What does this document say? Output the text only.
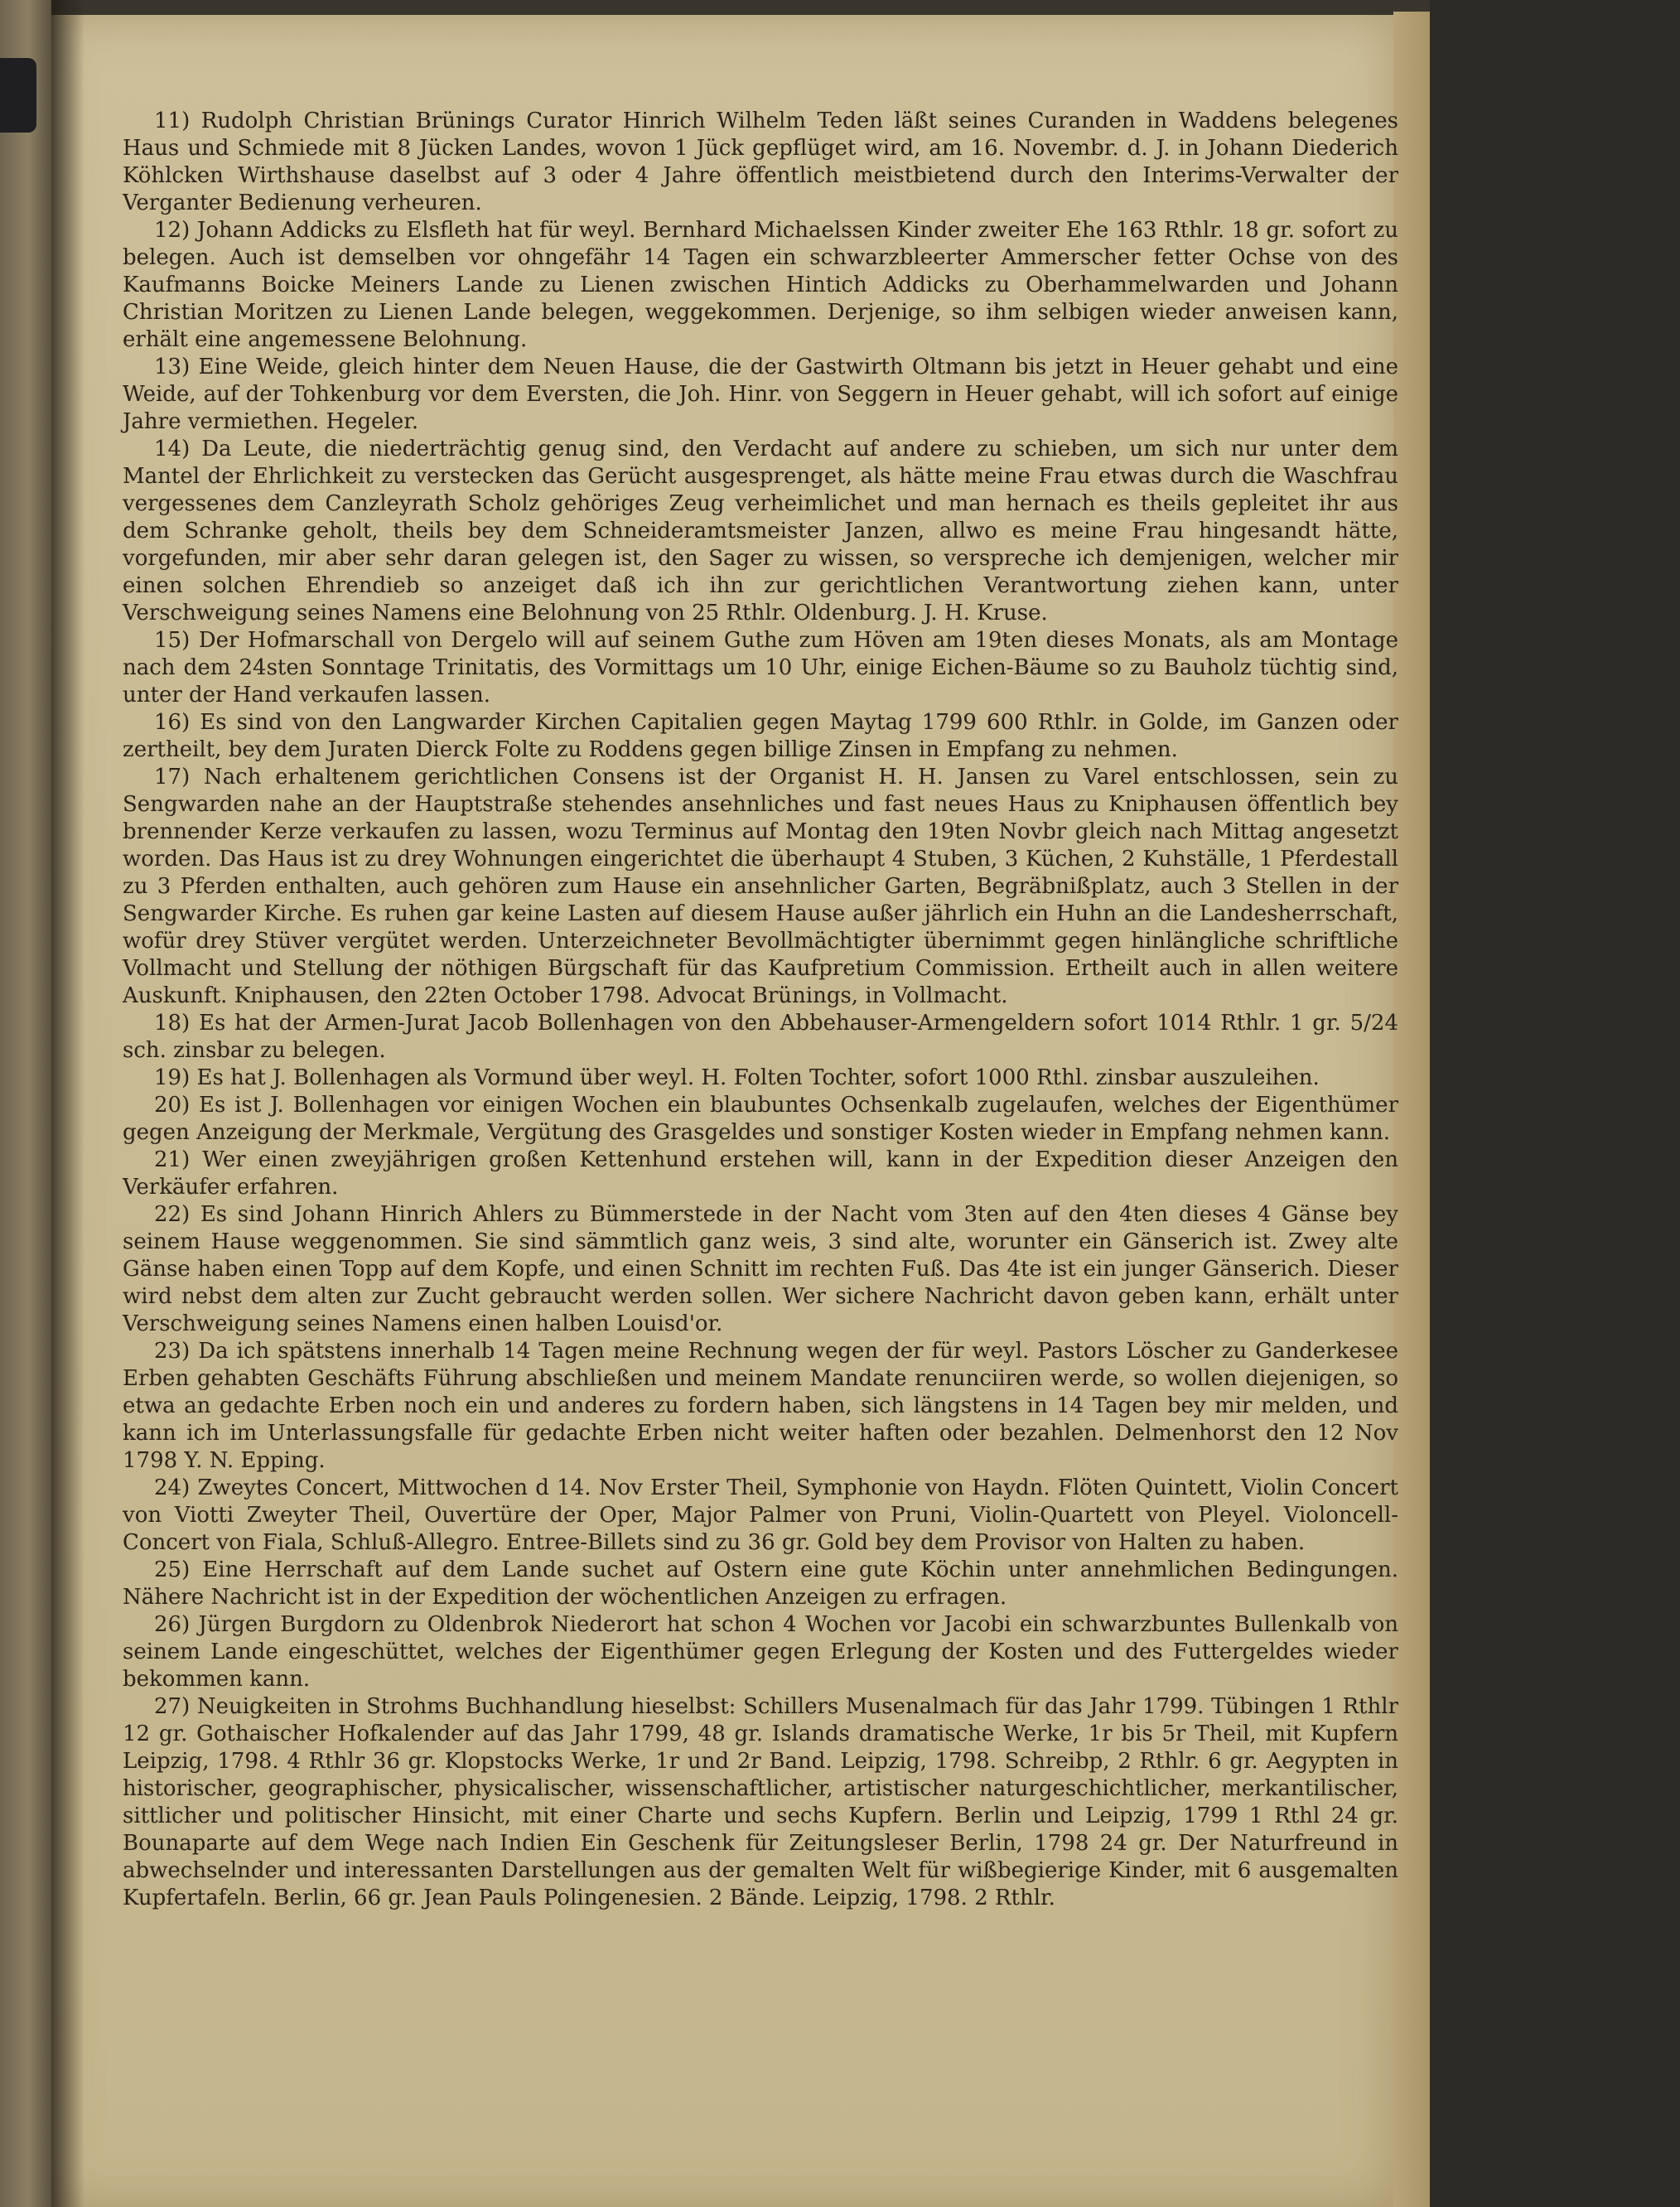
11) Rudolph Christian Brünings Curator Hinrich Wilhelm Teden läßt seines Curanden in Waddens belegenes Haus und Schmiede mit 8 Jücken Landes, wovon 1 Jück gepflüget wird, am 16. Novembr. d. J. in Johann Diederich Köhlcken Wirthshause daselbst auf 3 oder 4 Jahre öffentlich meistbietend durch den Interims-Verwalter der Verganter Bedienung verheuren.

12) Johann Addicks zu Elsfleth hat für weyl. Bernhard Michaelssen Kinder zweiter Ehe 163 Rthlr. 18 gr. sofort zu belegen. Auch ist demselben vor ohngefähr 14 Tagen ein schwarzbleerter Ammerscher fetter Ochse von des Kaufmanns Boicke Meiners Lande zu Lienen zwischen Hintich Addicks zu Oberhammelwarden und Johann Christian Moritzen zu Lienen Lande belegen, weggekommen. Derjenige, so ihm selbigen wieder anweisen kann, erhält eine angemessene Belohnung.

13) Eine Weide, gleich hinter dem Neuen Hause, die der Gastwirth Oltmann bis jetzt in Heuer gehabt und eine Weide, auf der Tohkenburg vor dem Eversten, die Joh. Hinr. von Seggern in Heuer gehabt, will ich sofort auf einige Jahre vermiethen. Hegeler.

14) Da Leute, die niederträchtig genug sind, den Verdacht auf andere zu schieben, um sich nur unter dem Mantel der Ehrlichkeit zu verstecken das Gerücht ausgesprenget, als hätte meine Frau etwas durch die Waschfrau vergessenes dem Canzleyrath Scholz gehöriges Zeug verheimlichet und man hernach es theils gepleitet ihr aus dem Schranke geholt, theils bey dem Schneideramtsmeister Janzen, allwo es meine Frau hingesandt hätte, vorgefunden, mir aber sehr daran gelegen ist, den Sager zu wissen, so verspreche ich demjenigen, welcher mir einen solchen Ehrendieb so anzeiget daß ich ihn zur gerichtlichen Verantwortung ziehen kann, unter Verschweigung seines Namens eine Belohnung von 25 Rthlr. Oldenburg. J. H. Kruse.

15) Der Hofmarschall von Dergelo will auf seinem Guthe zum Höven am 19ten dieses Monats, als am Montage nach dem 24sten Sonntage Trinitatis, des Vormittags um 10 Uhr, einige Eichen-Bäume so zu Bauholz tüchtig sind, unter der Hand verkaufen lassen.

16) Es sind von den Langwarder Kirchen Capitalien gegen Maytag 1799 600 Rthlr. in Golde, im Ganzen oder zertheilt, bey dem Juraten Dierck Folte zu Roddens gegen billige Zinsen in Empfang zu nehmen.

17) Nach erhaltenem gerichtlichen Consens ist der Organist H. H. Jansen zu Varel entschlossen, sein zu Sengwarden nahe an der Hauptstraße stehendes ansehnliches und fast neues Haus zu Kniphausen öffentlich bey brennender Kerze verkaufen zu lassen, wozu Terminus auf Montag den 19ten Novbr gleich nach Mittag angesetzt worden. Das Haus ist zu drey Wohnungen eingerichtet die überhaupt 4 Stuben, 3 Küchen, 2 Kuhställe, 1 Pferdestall zu 3 Pferden enthalten, auch gehören zum Hause ein ansehnlicher Garten, Begräbnißplatz, auch 3 Stellen in der Sengwarder Kirche. Es ruhen gar keine Lasten auf diesem Hause außer jährlich ein Huhn an die Landesherrschaft, wofür drey Stüver vergütet werden. Unterzeichneter Bevollmächtigter übernimmt gegen hinlängliche schriftliche Vollmacht und Stellung der nöthigen Bürgschaft für das Kaufpretium Commission. Ertheilt auch in allen weitere Auskunft. Kniphausen, den 22ten October 1798. Advocat Brünings, in Vollmacht.

18) Es hat der Armen-Jurat Jacob Bollenhagen von den Abbehauser-Armengeldern sofort 1014 Rthlr. 1 gr. 5/24 sch. zinsbar zu belegen.

19) Es hat J. Bollenhagen als Vormund über weyl. H. Folten Tochter, sofort 1000 Rthl. zinsbar auszuleihen.

20) Es ist J. Bollenhagen vor einigen Wochen ein blaubuntes Ochsenkalb zugelaufen, welches der Eigenthümer gegen Anzeigung der Merkmale, Vergütung des Grasgeldes und sonstiger Kosten wieder in Empfang nehmen kann.

21) Wer einen zweyjährigen großen Kettenhund erstehen will, kann in der Expedition dieser Anzeigen den Verkäufer erfahren.

22) Es sind Johann Hinrich Ahlers zu Bümmerstede in der Nacht vom 3ten auf den 4ten dieses 4 Gänse bey seinem Hause weggenommen. Sie sind sämmtlich ganz weis, 3 sind alte, worunter ein Gänserich ist. Zwey alte Gänse haben einen Topp auf dem Kopfe, und einen Schnitt im rechten Fuß. Das 4te ist ein junger Gänserich. Dieser wird nebst dem alten zur Zucht gebraucht werden sollen. Wer sichere Nachricht davon geben kann, erhält unter Verschweigung seines Namens einen halben Louisd'or.

23) Da ich spätstens innerhalb 14 Tagen meine Rechnung wegen der für weyl. Pastors Löscher zu Ganderkesee Erben gehabten Geschäfts Führung abschließen und meinem Mandate renunciiren werde, so wollen diejenigen, so etwa an gedachte Erben noch ein und anderes zu fordern haben, sich längstens in 14 Tagen bey mir melden, und kann ich im Unterlassungsfalle für gedachte Erben nicht weiter haften oder bezahlen. Delmenhorst den 12 Nov 1798 Y. N. Epping.

24) Zweytes Concert, Mittwochen d 14. Nov Erster Theil, Symphonie von Haydn. Flöten Quintett, Violin Concert von Viotti Zweyter Theil, Ouvertüre der Oper, Major Palmer von Pruni, Violin-Quartett von Pleyel. Violoncell-Concert von Fiala, Schluß-Allegro. Entree-Billets sind zu 36 gr. Gold bey dem Provisor von Halten zu haben.

25) Eine Herrschaft auf dem Lande suchet auf Ostern eine gute Köchin unter annehmlichen Bedingungen. Nähere Nachricht ist in der Expedition der wöchentlichen Anzeigen zu erfragen.

26) Jürgen Burgdorn zu Oldenbrok Niederort hat schon 4 Wochen vor Jacobi ein schwarzbuntes Bullenkalb von seinem Lande eingeschüttet, welches der Eigenthümer gegen Erlegung der Kosten und des Futtergeldes wieder bekommen kann.

27) Neuigkeiten in Strohms Buchhandlung hieselbst: Schillers Musenalmach für das Jahr 1799. Tübingen 1 Rthlr 12 gr. Gothaischer Hofkalender auf das Jahr 1799, 48 gr. Islands dramatische Werke, 1r bis 5r Theil, mit Kupfern Leipzig, 1798. 4 Rthlr 36 gr. Klopstocks Werke, 1r und 2r Band. Leipzig, 1798. Schreibp, 2 Rthlr. 6 gr. Aegypten in historischer, geographischer, physicalischer, wissenschaftlicher, artistischer naturgeschichtlicher, merkantilischer, sittlicher und politischer Hinsicht, mit einer Charte und sechs Kupfern. Berlin und Leipzig, 1799 1 Rthl 24 gr. Bounaparte auf dem Wege nach Indien Ein Geschenk für Zeitungsleser Berlin, 1798 24 gr. Der Naturfreund in abwechselnder und interessanten Darstellungen aus der gemalten Welt für wißbegierige Kinder, mit 6 ausgemalten Kupfertafeln. Berlin, 66 gr. Jean Pauls Polingenesien. 2 Bände. Leipzig, 1798. 2 Rthlr.
